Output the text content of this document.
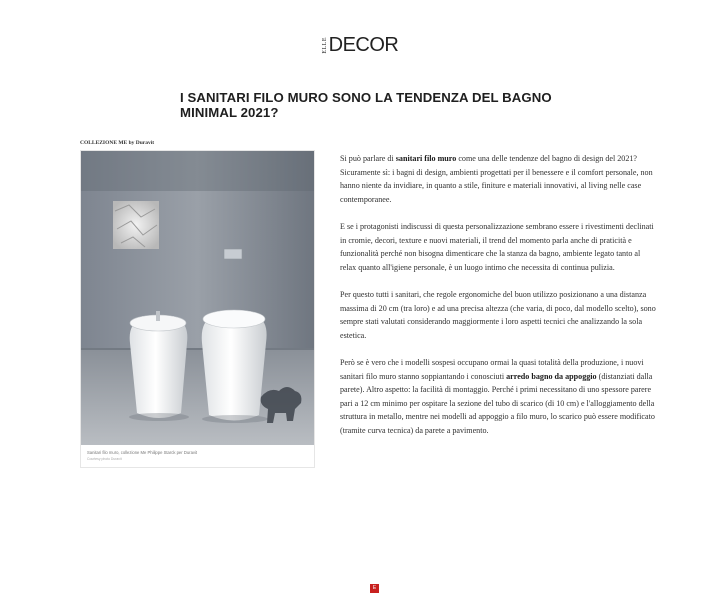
ELLE DECOR
I SANITARI FILO MURO SONO LA TENDENZA DEL BAGNO MINIMAL 2021?
COLLEZIONE ME by Duravit
E
Sanitari filo muro, collezione Me Philippe Starck per Duravit
Courtesy photo Duravit

Si può parlare di sanitari filo muro come una delle tendenze del bagno di design del 2021? Sicuramente sì: i bagni di design, ambienti progettati per il benessere e il comfort personale, non hanno niente da invidiare, in quanto a stile, finiture e materiali innovativi, al living nelle case contemporanee.

E se i protagonisti indiscussi di questa personalizzazione sembrano essere i rivestimenti declinati in cromie, decori, texture e nuovi materiali, il trend del momento parla anche di praticità e funzionalità perché non bisogna dimenticare che la stanza da bagno, ambiente legato tanto al relax quanto all'igiene personale, è un luogo intimo che necessita di continua pulizia.

Per questo tutti i sanitari, che regole ergonomiche del buon utilizzo posizionano a una distanza massima di 20 cm (tra loro) e ad una precisa altezza (che varia, di poco, dal modello scelto), sono sempre stati valutati considerando maggiormente i loro aspetti tecnici che analizzando la sola estetica.

Però se è vero che i modelli sospesi occupano ormai la quasi totalità della produzione, i nuovi sanitari filo muro stanno soppiantando i conosciuti arredo bagno da appoggio (distanziati dalla parete). Altro aspetto: la facilità di montaggio. Perché i primi necessitano di uno spessore parere pari a 12 cm minimo per ospitare la sezione del tubo di scarico (di 10 cm) e l'alloggiamento della struttura in metallo, mentre nei modelli ad appoggio a filo muro, lo scarico può essere modificato (tramite curva tecnica) da parete a pavimento.
